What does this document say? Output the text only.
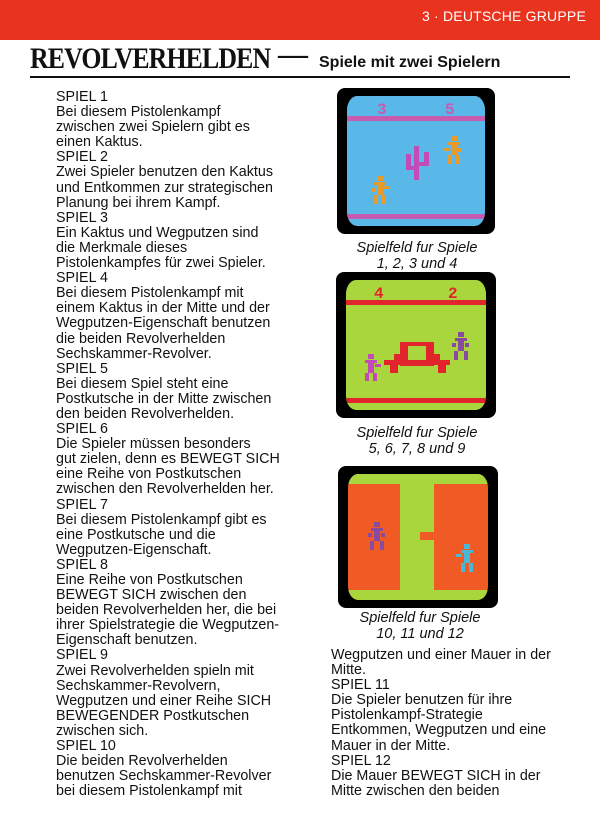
3 · DEUTSCHE GRUPPE
REVOLVERHELDEN — Spiele mit zwei Spielern

SPIEL 1

Bei diesem Pistolenkampf

zwischen zwei Spielern gibt es

einen Kaktus.

SPIEL 2

Zwei Spieler benutzen den Kaktus

und Entkommen zur strategischen

Planung bei ihrem Kampf.

SPIEL 3

Ein Kaktus und Wegputzen sind

die Merkmale dieses

Pistolenkampfes für zwei Spieler.

SPIEL 4

Bei diesem Pistolenkampf mit

einem Kaktus in der Mitte und der

Wegputzen-Eigenschaft benutzen

die beiden Revolverhelden

Sechskammer-Revolver.

SPIEL 5

Bei diesem Spiel steht eine

Postkutsche in der Mitte zwischen

den beiden Revolverhelden.

SPIEL 6

Die Spieler müssen besonders

gut zielen, denn es BEWEGT SICH

eine Reihe von Postkutschen

zwischen den Revolverhelden her.

SPIEL 7

Bei diesem Pistolenkampf gibt es

eine Postkutsche und die

Wegputzen-Eigenschaft.

SPIEL 8

Eine Reihe von Postkutschen

BEWEGT SICH zwischen den

beiden Revolverhelden her, die bei

ihrer Spielstrategie die Wegputzen-

Eigenschaft benutzen.

SPIEL 9

Zwei Revolverhelden spieln mit

Sechskammer-Revolvern,

Wegputzen und einer Reihe SICH

BEWEGENDER Postkutschen

zwischen sich.

SPIEL 10

Die beiden Revolverhelden

benutzen Sechskammer-Revolver

bei diesem Pistolenkampf mit

Wegputzen und einer Mauer in der

Mitte.

SPIEL 11

Die Spieler benutzen für ihre

Pistolenkampf-Strategie

Entkommen, Wegputzen und eine

Mauer in der Mitte.

SPIEL 12

Die Mauer BEWEGT SICH in der

Mitte zwischen den beiden

3	5
Spielfeld fur Spiele
1, 2, 3 und 4
4	2
Spielfeld fur Spiele
5, 6, 7, 8 und 9
Spielfeld fur Spiele
10, 11 und 12
